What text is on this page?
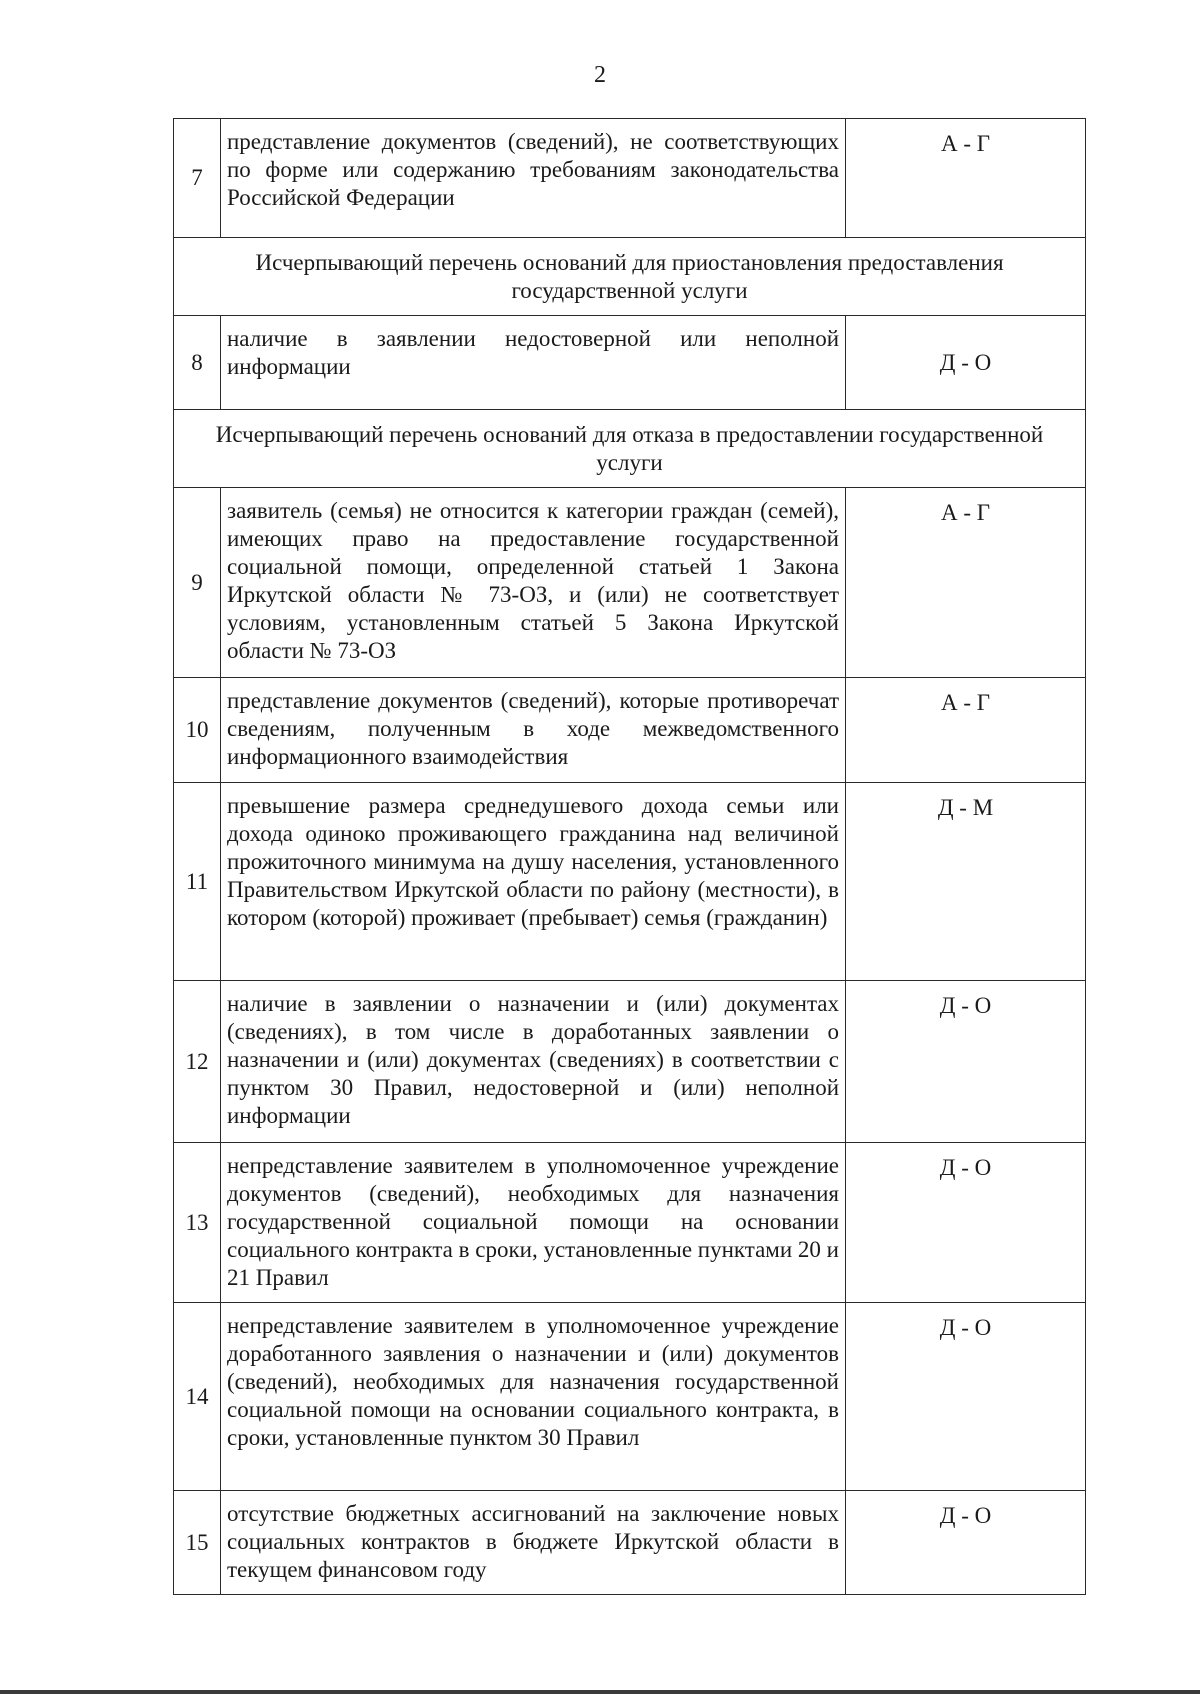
2
7	представление документов (сведений), не соответствующих по форме или содержанию требованиям законодательства Российской Федерации	А - Г
Исчерпывающий перечень оснований для приостановления предоставления государственной услуги		
8	наличие в заявлении недостоверной или неполной информации	Д - О
Исчерпывающий перечень оснований для отказа в предоставлении государственной услуги		
9	заявитель (семья) не относится к категории граждан (семей), имеющих право на предоставление государственной социальной помощи, определенной статьей 1 Закона Иркутской области № 73-ОЗ, и (или) не соответствует условиям, установленным статьей 5 Закона Иркутской области № 73-ОЗ	А - Г
10	представление документов (сведений), которые противоречат сведениям, полученным в ходе межведомственного информационного взаимодействия	А - Г
11	превышение размера среднедушевого дохода семьи или дохода одиноко проживающего гражданина над величиной прожиточного минимума на душу населения, установленного Правительством Иркутской области по району (местности), в котором (которой) проживает (пребывает) семья (гражданин)	Д - М
12	наличие в заявлении о назначении и (или) документах (сведениях), в том числе в доработанных заявлении о назначении и (или) документах (сведениях) в соответствии с пунктом 30 Правил, недостоверной и (или) неполной информации	Д - О
13	непредставление заявителем в уполномоченное учреждение документов (сведений), необходимых для назначения государственной социальной помощи на основании социального контракта в сроки, установленные пунктами 20 и 21 Правил	Д - О
14	непредставление заявителем в уполномоченное учреждение доработанного заявления о назначении и (или) документов (сведений), необходимых для назначения государственной социальной помощи на основании социального контракта, в сроки, установленные пунктом 30 Правил	Д - О
15	отсутствие бюджетных ассигнований на заключение новых социальных контрактов в бюджете Иркутской области в текущем финансовом году	Д - О
